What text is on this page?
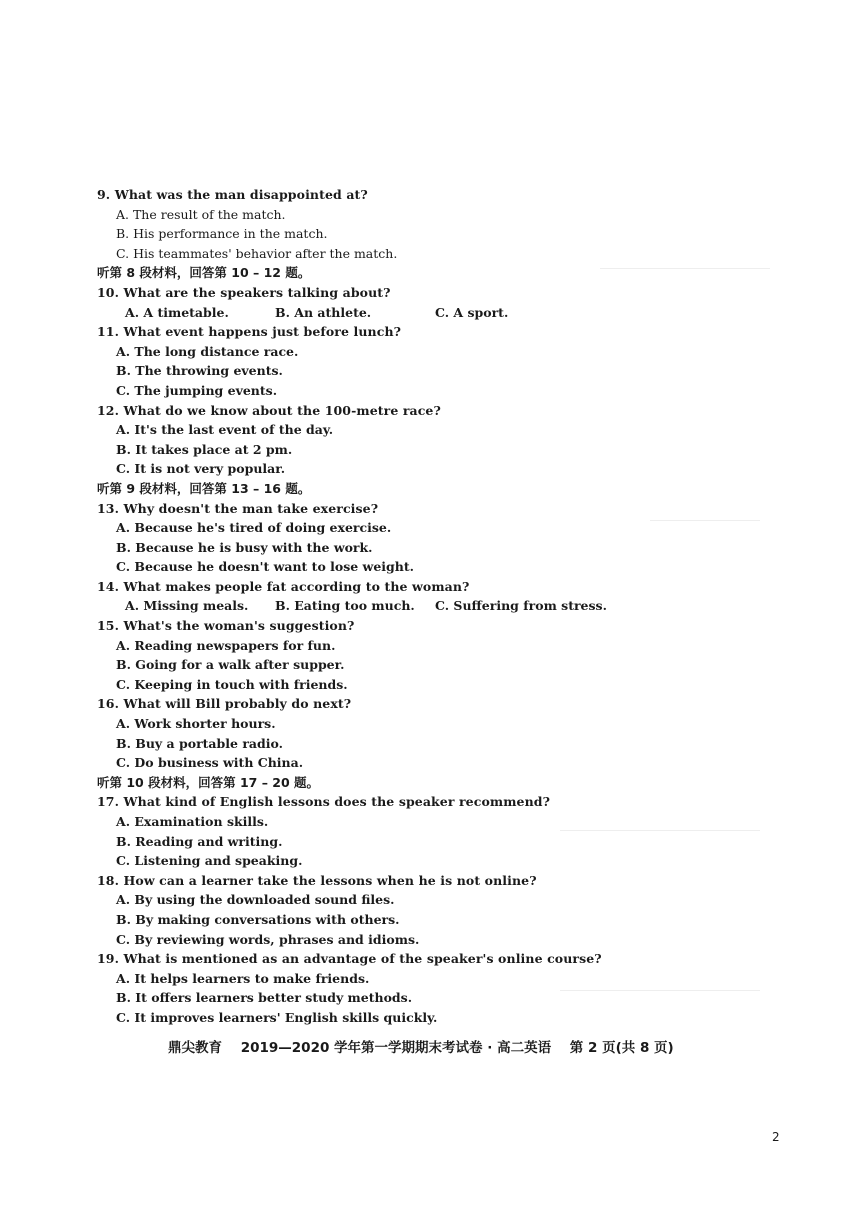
9. What was the man disappointed at?
A. The result of the match.
B. His performance in the match.
C. His teammates' behavior after the match.
听第 8 段材料，回答第 10 – 12 题。
10. What are the speakers talking about?
A. A timetable.	B. An athlete.	C. A sport.
11. What event happens just before lunch?
A. The long distance race.
B. The throwing events.
C. The jumping events.
12. What do we know about the 100-metre race?
A. It's the last event of the day.
B. It takes place at 2 pm.
C. It is not very popular.
听第 9 段材料，回答第 13 – 16 题。
13. Why doesn't the man take exercise?
A. Because he's tired of doing exercise.
B. Because he is busy with the work.
C. Because he doesn't want to lose weight.
14. What makes people fat according to the woman?
A. Missing meals.	B. Eating too much.	C. Suffering from stress.
15. What's the woman's suggestion?
A. Reading newspapers for fun.
B. Going for a walk after supper.
C. Keeping in touch with friends.
16. What will Bill probably do next?
A. Work shorter hours.
B. Buy a portable radio.
C. Do business with China.
听第 10 段材料，回答第 17 – 20 题。
17. What kind of English lessons does the speaker recommend?
A. Examination skills.
B. Reading and writing.
C. Listening and speaking.
18. How can a learner take the lessons when he is not online?
A. By using the downloaded sound files.
B. By making conversations with others.
C. By reviewing words, phrases and idioms.
19. What is mentioned as an advantage of the speaker's online course?
A. It helps learners to make friends.
B. It offers learners better study methods.
C. It improves learners' English skills quickly.
鼎尖教育 2019—2020 学年第一学期期末考试卷 · 高二英语 第 2 页(共 8 页)
2
